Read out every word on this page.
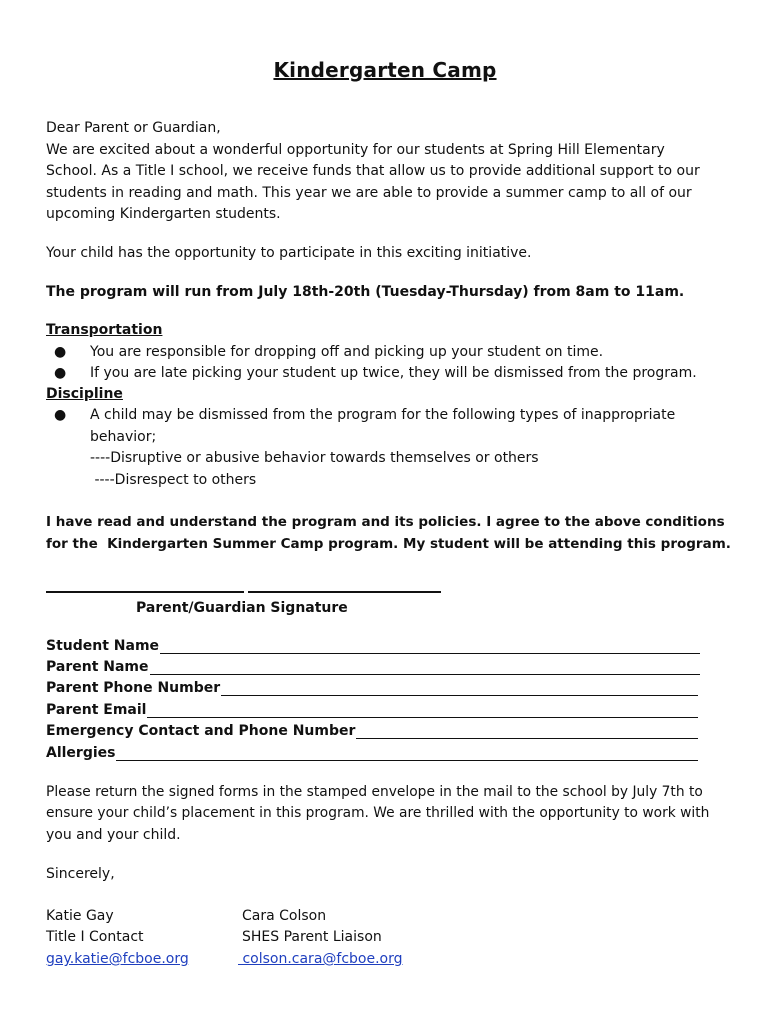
Kindergarten Camp
Dear Parent or Guardian,
We are excited about a wonderful opportunity for our students at Spring Hill Elementary
School. As a Title I school, we receive funds that allow us to provide additional support to our
students in reading and math. This year we are able to provide a summer camp to all of our
upcoming Kindergarten students.
Your child has the opportunity to participate in this exciting initiative.
The program will run from July 18th-20th (Tuesday-Thursday) from 8am to 11am.
Transportation
● You are responsible for dropping off and picking up your student on time.
● If you are late picking your student up twice, they will be dismissed from the program.
Discipline
● A child may be dismissed from the program for the following types of inappropriate
behavior;
----Disruptive or abusive behavior towards themselves or others
----Disrespect to others
I have read and understand the program and its policies. I agree to the above conditions
for the  Kindergarten Summer Camp program. My student will be attending this program.
Parent/Guardian Signature
Student Name
Parent Name
Parent Phone Number
Parent Email
Emergency Contact and Phone Number
Allergies
Please return the signed forms in the stamped envelope in the mail to the school by July 7th to
ensure your child’s placement in this program. We are thrilled with the opportunity to work with
you and your child.
Sincerely,
Katie Gay
Title I Contact
gay.katie@fcboe.org
Cara Colson
SHES Parent Liaison
colson.cara@fcboe.org
